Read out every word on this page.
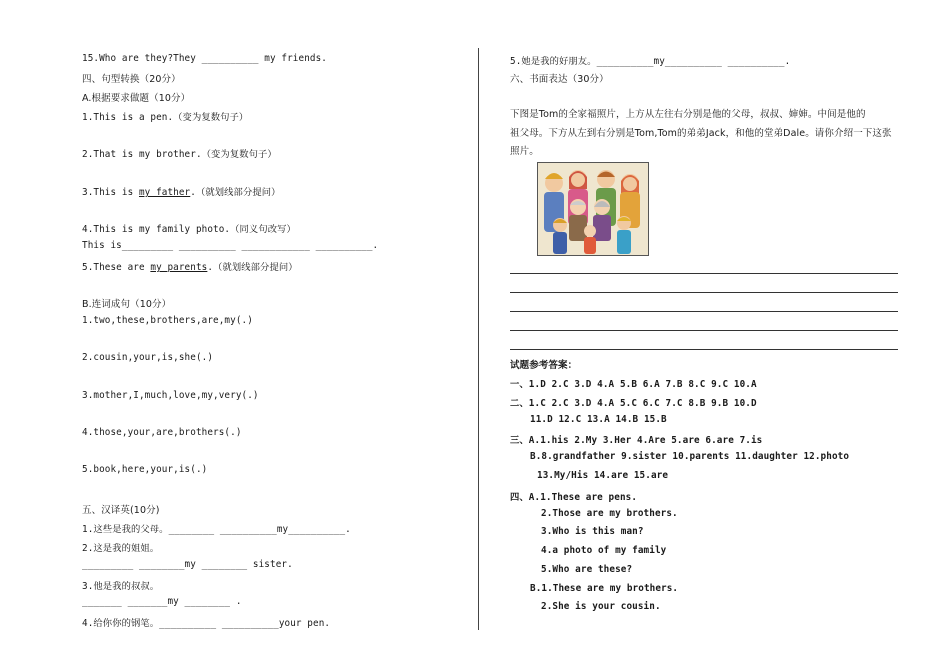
15.Who are they?They __________ my friends.
四、句型转换（20分）
A.根据要求做题（10分）
1.This is a pen.（变为复数句子）
2.That is my brother.（变为复数句子）
3.This is my father.（就划线部分提问）
4.This is my family photo.（同义句改写）
This is_________ __________ ____________ __________.
5.These are my parents.（就划线部分提问）
B.连词成句（10分）
1.two,these,brothers,are,my(.)
2.cousin,your,is,she(.)
3.mother,I,much,love,my,very(.)
4.those,your,are,brothers(.)
5.book,here,your,is(.)
五、汉译英(10分)
1.这些是我的父母。________ __________my__________.
2.这是我的姐姐。
_________ ________my ________ sister.
3.他是我的叔叔。
_______ _______my ________ .
4.给你你的钢笔。__________ __________your pen.
5.她是我的好朋友。__________my__________ __________.
六、书面表达（30分）
下图是Tom的全家福照片，上方从左往右分别是他的父母，叔叔、婶婶。中间是他的
祖父母。下方从左到右分别是Tom,Tom的弟弟Jack，和他的堂弟Dale。请你介绍一下这张
照片。
试题参考答案：
一、1.D 2.C 3.D 4.A 5.B 6.A 7.B 8.C 9.C 10.A
二、1.C 2.C 3.D 4.A 5.C 6.C 7.C 8.B 9.B 10.D
11.D 12.C 13.A 14.B 15.B
三、A.1.his 2.My 3.Her 4.Are 5.are 6.are 7.is
B.8.grandfather 9.sister 10.parents 11.daughter 12.photo
13.My/His 14.are 15.are
四、A.1.These are pens.
2.Those are my brothers.
3.Who is this man?
4.a photo of my family
5.Who are these?
B.1.These are my brothers.
2.She is your cousin.
